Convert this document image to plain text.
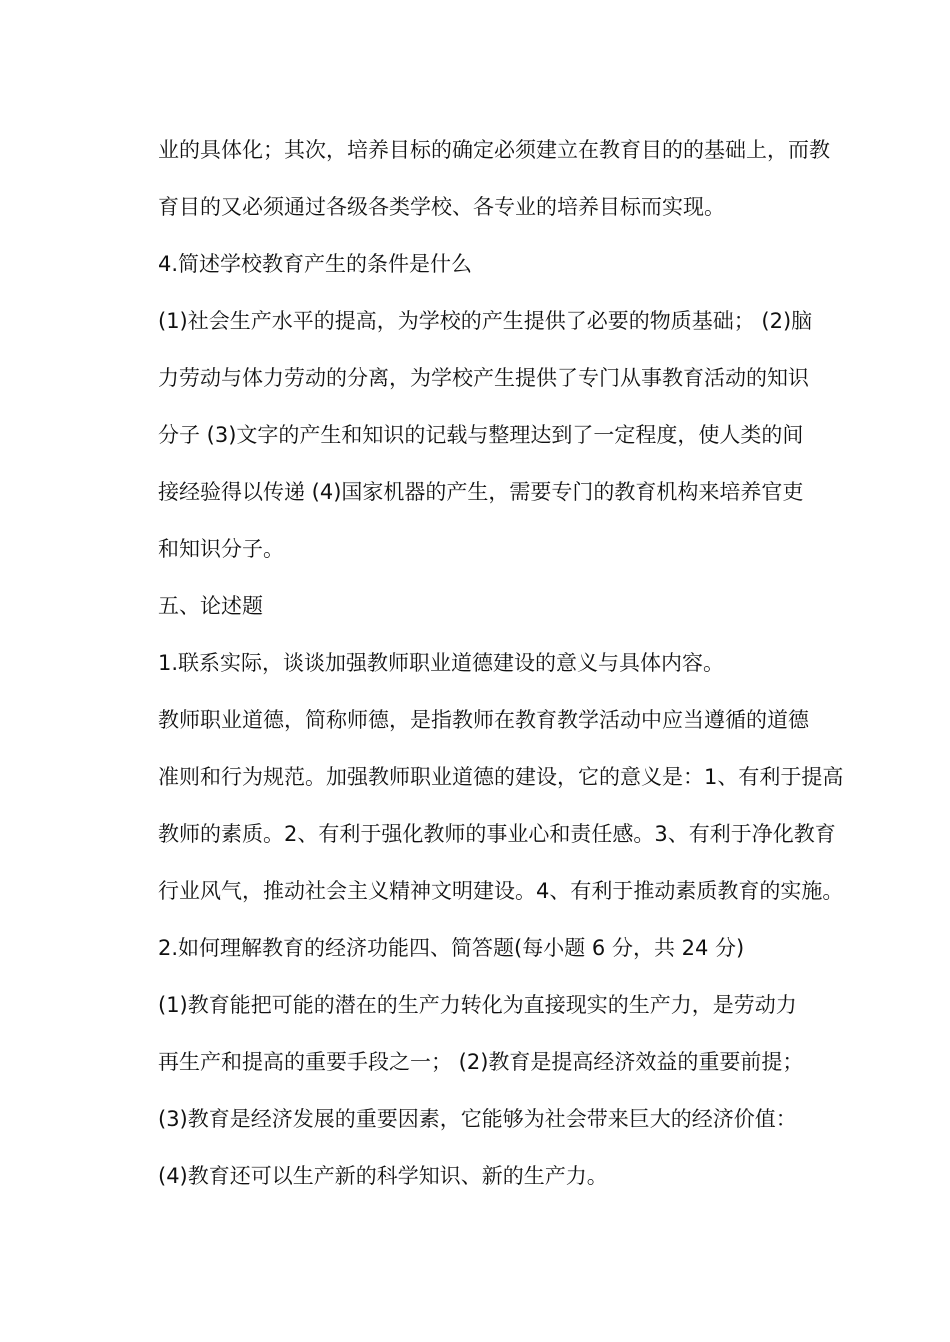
业的具体化；其次，培养目标的确定必须建立在教育目的的基础上，而教
育目的又必须通过各级各类学校、各专业的培养目标而实现。
4.简述学校教育产生的条件是什么
(1)社会生产水平的提高，为学校的产生提供了必要的物质基础； (2)脑
力劳动与体力劳动的分离，为学校产生提供了专门从事教育活动的知识
分子 (3)文字的产生和知识的记载与整理达到了一定程度，使人类的间
接经验得以传递 (4)国家机器的产生，需要专门的教育机构来培养官吏
和知识分子。
五、论述题
1.联系实际，谈谈加强教师职业道德建设的意义与具体内容。
教师职业道德，简称师德，是指教师在教育教学活动中应当遵循的道德
准则和行为规范。加强教师职业道德的建设，它的意义是：1、有利于提高
教师的素质。2、有利于强化教师的事业心和责任感。3、有利于净化教育
行业风气，推动社会主义精神文明建设。4、有利于推动素质教育的实施。
2.如何理解教育的经济功能四、简答题(每小题 6 分，共 24 分)
(1)教育能把可能的潜在的生产力转化为直接现实的生产力，是劳动力
再生产和提高的重要手段之一； (2)教育是提高经济效益的重要前提；
(3)教育是经济发展的重要因素，它能够为社会带来巨大的经济价值：
(4)教育还可以生产新的科学知识、新的生产力。
